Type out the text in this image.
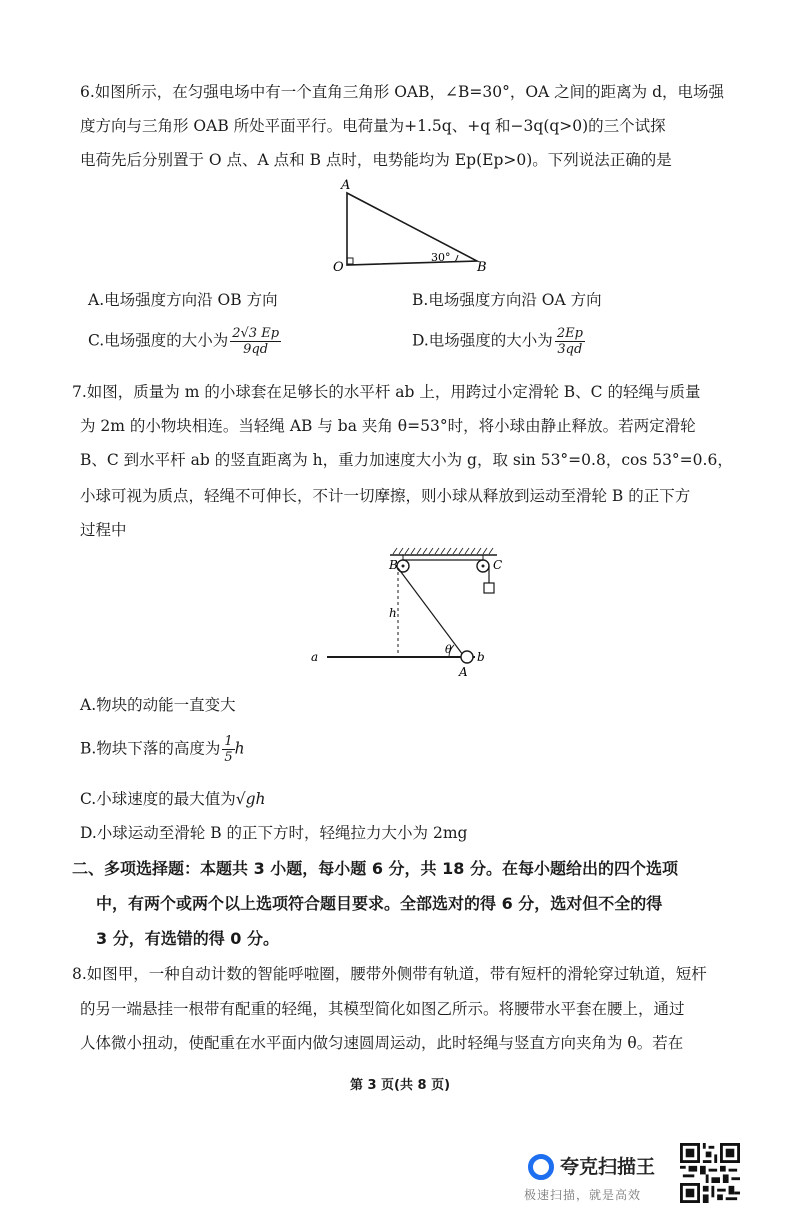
6.如图所示，在匀强电场中有一个直角三角形 OAB，∠B=30°，OA 之间的距离为 d，电场强
度方向与三角形 OAB 所处平面平行。电荷量为+1.5q、+q 和−3q(q>0)的三个试探
电荷先后分别置于 O 点、A 点和 B 点时，电势能均为 Ep(Ep>0)。下列说法正确的是
A
O	B
30°
A.电场强度方向沿 OB 方向	B.电场强度方向沿 OA 方向
C.电场强度的大小为 $\frac{2√3 Ep}{9qd}$	D.电场强度的大小为 $\frac{2Ep}{3qd}$
7.如图，质量为 m 的小球套在足够长的水平杆 ab 上，用跨过小定滑轮 B、C 的轻绳与质量
为 2m 的小物块相连。当轻绳 AB 与 ba 夹角 θ=53°时，将小球由静止释放。若两定滑轮
B、C 到水平杆 ab 的竖直距离为 h，重力加速度大小为 g，取 sin 53°=0.8，cos 53°=0.6，
小球可视为质点，轻绳不可伸长，不计一切摩擦，则小球从释放到运动至滑轮 B 的正下方
过程中
B	C
h
a	b
θ
A
A.物块的动能一直变大
B.物块下落的高度为 $\frac{1}{5}$ h
C.小球速度的最大值为√gh
D.小球运动至滑轮 B 的正下方时，轻绳拉力大小为 2mg
二、多项选择题：本题共 3 小题，每小题 6 分，共 18 分。在每小题给出的四个选项
中，有两个或两个以上选项符合题目要求。全部选对的得 6 分，选对但不全的得
3 分，有选错的得 0 分。
8.如图甲，一种自动计数的智能呼啦圈，腰带外侧带有轨道，带有短杆的滑轮穿过轨道，短杆
的另一端悬挂一根带有配重的轻绳，其模型简化如图乙所示。将腰带水平套在腰上，通过
人体微小扭动，使配重在水平面内做匀速圆周运动，此时轻绳与竖直方向夹角为 θ。若在
第 3 页(共 8 页)
夸克扫描王
极速扫描，就是高效
